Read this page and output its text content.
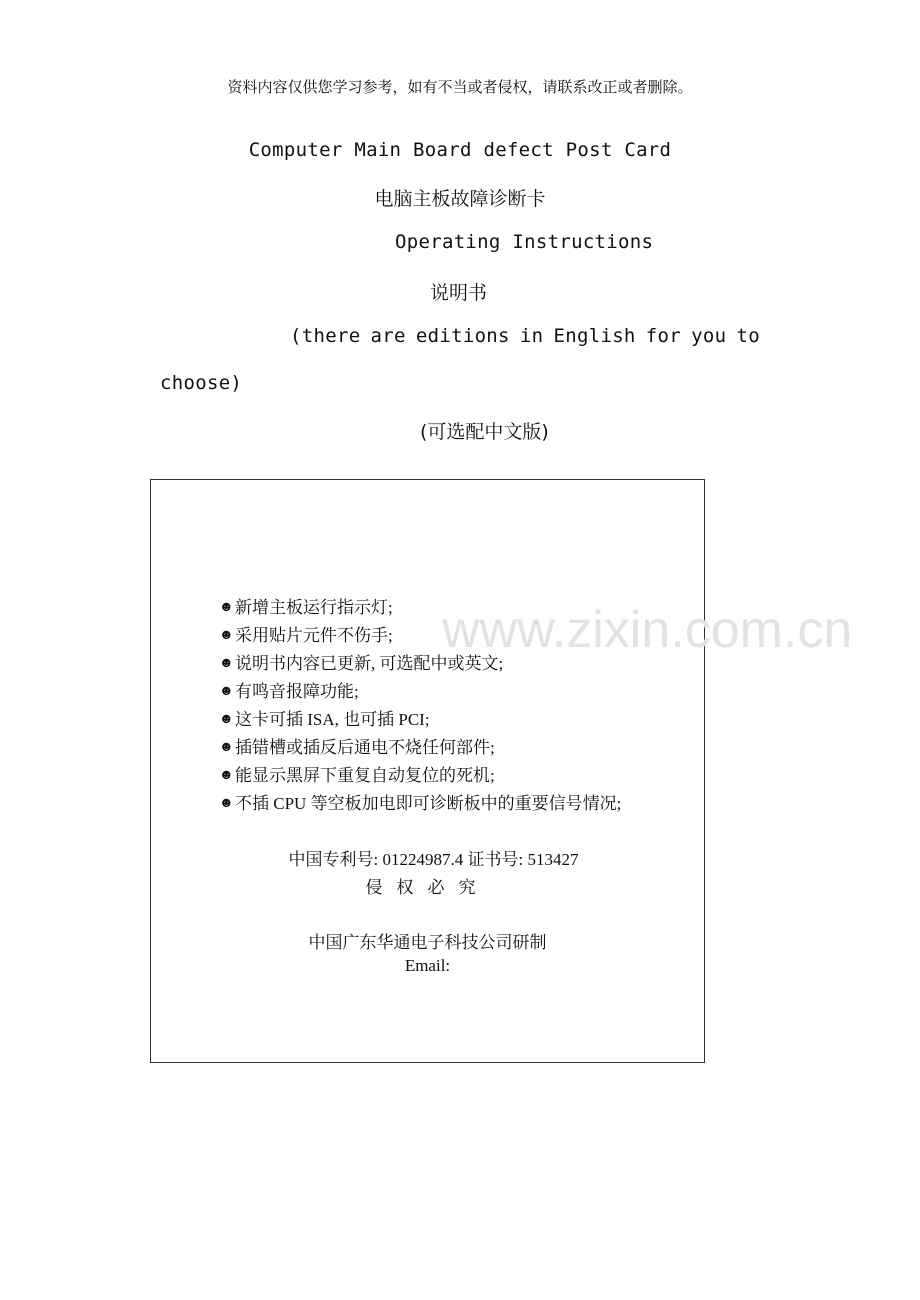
资料内容仅供您学习参考，如有不当或者侵权，请联系改正或者删除。
Computer Main Board defect Post Card
电脑主板故障诊断卡
Operating Instructions
说明书
(there are editions in English for you to
choose)
(可选配中文版)
☻ 新增主板运行指示灯;
☻ 采用贴片元件不伤手;
☻ 说明书内容已更新, 可选配中或英文;
☻ 有鸣音报障功能;
☻ 这卡可插 ISA, 也可插 PCI;
☻ 插错槽或插反后通电不烧任何部件;
☻ 能显示黑屏下重复自动复位的死机;
☻ 不插 CPU 等空板加电即可诊断板中的重要信号情况;
中国专利号: 01224987.4 证书号: 513427
侵权必究
中国广东华通电子科技公司研制
Email:
www.zixin.com.cn
